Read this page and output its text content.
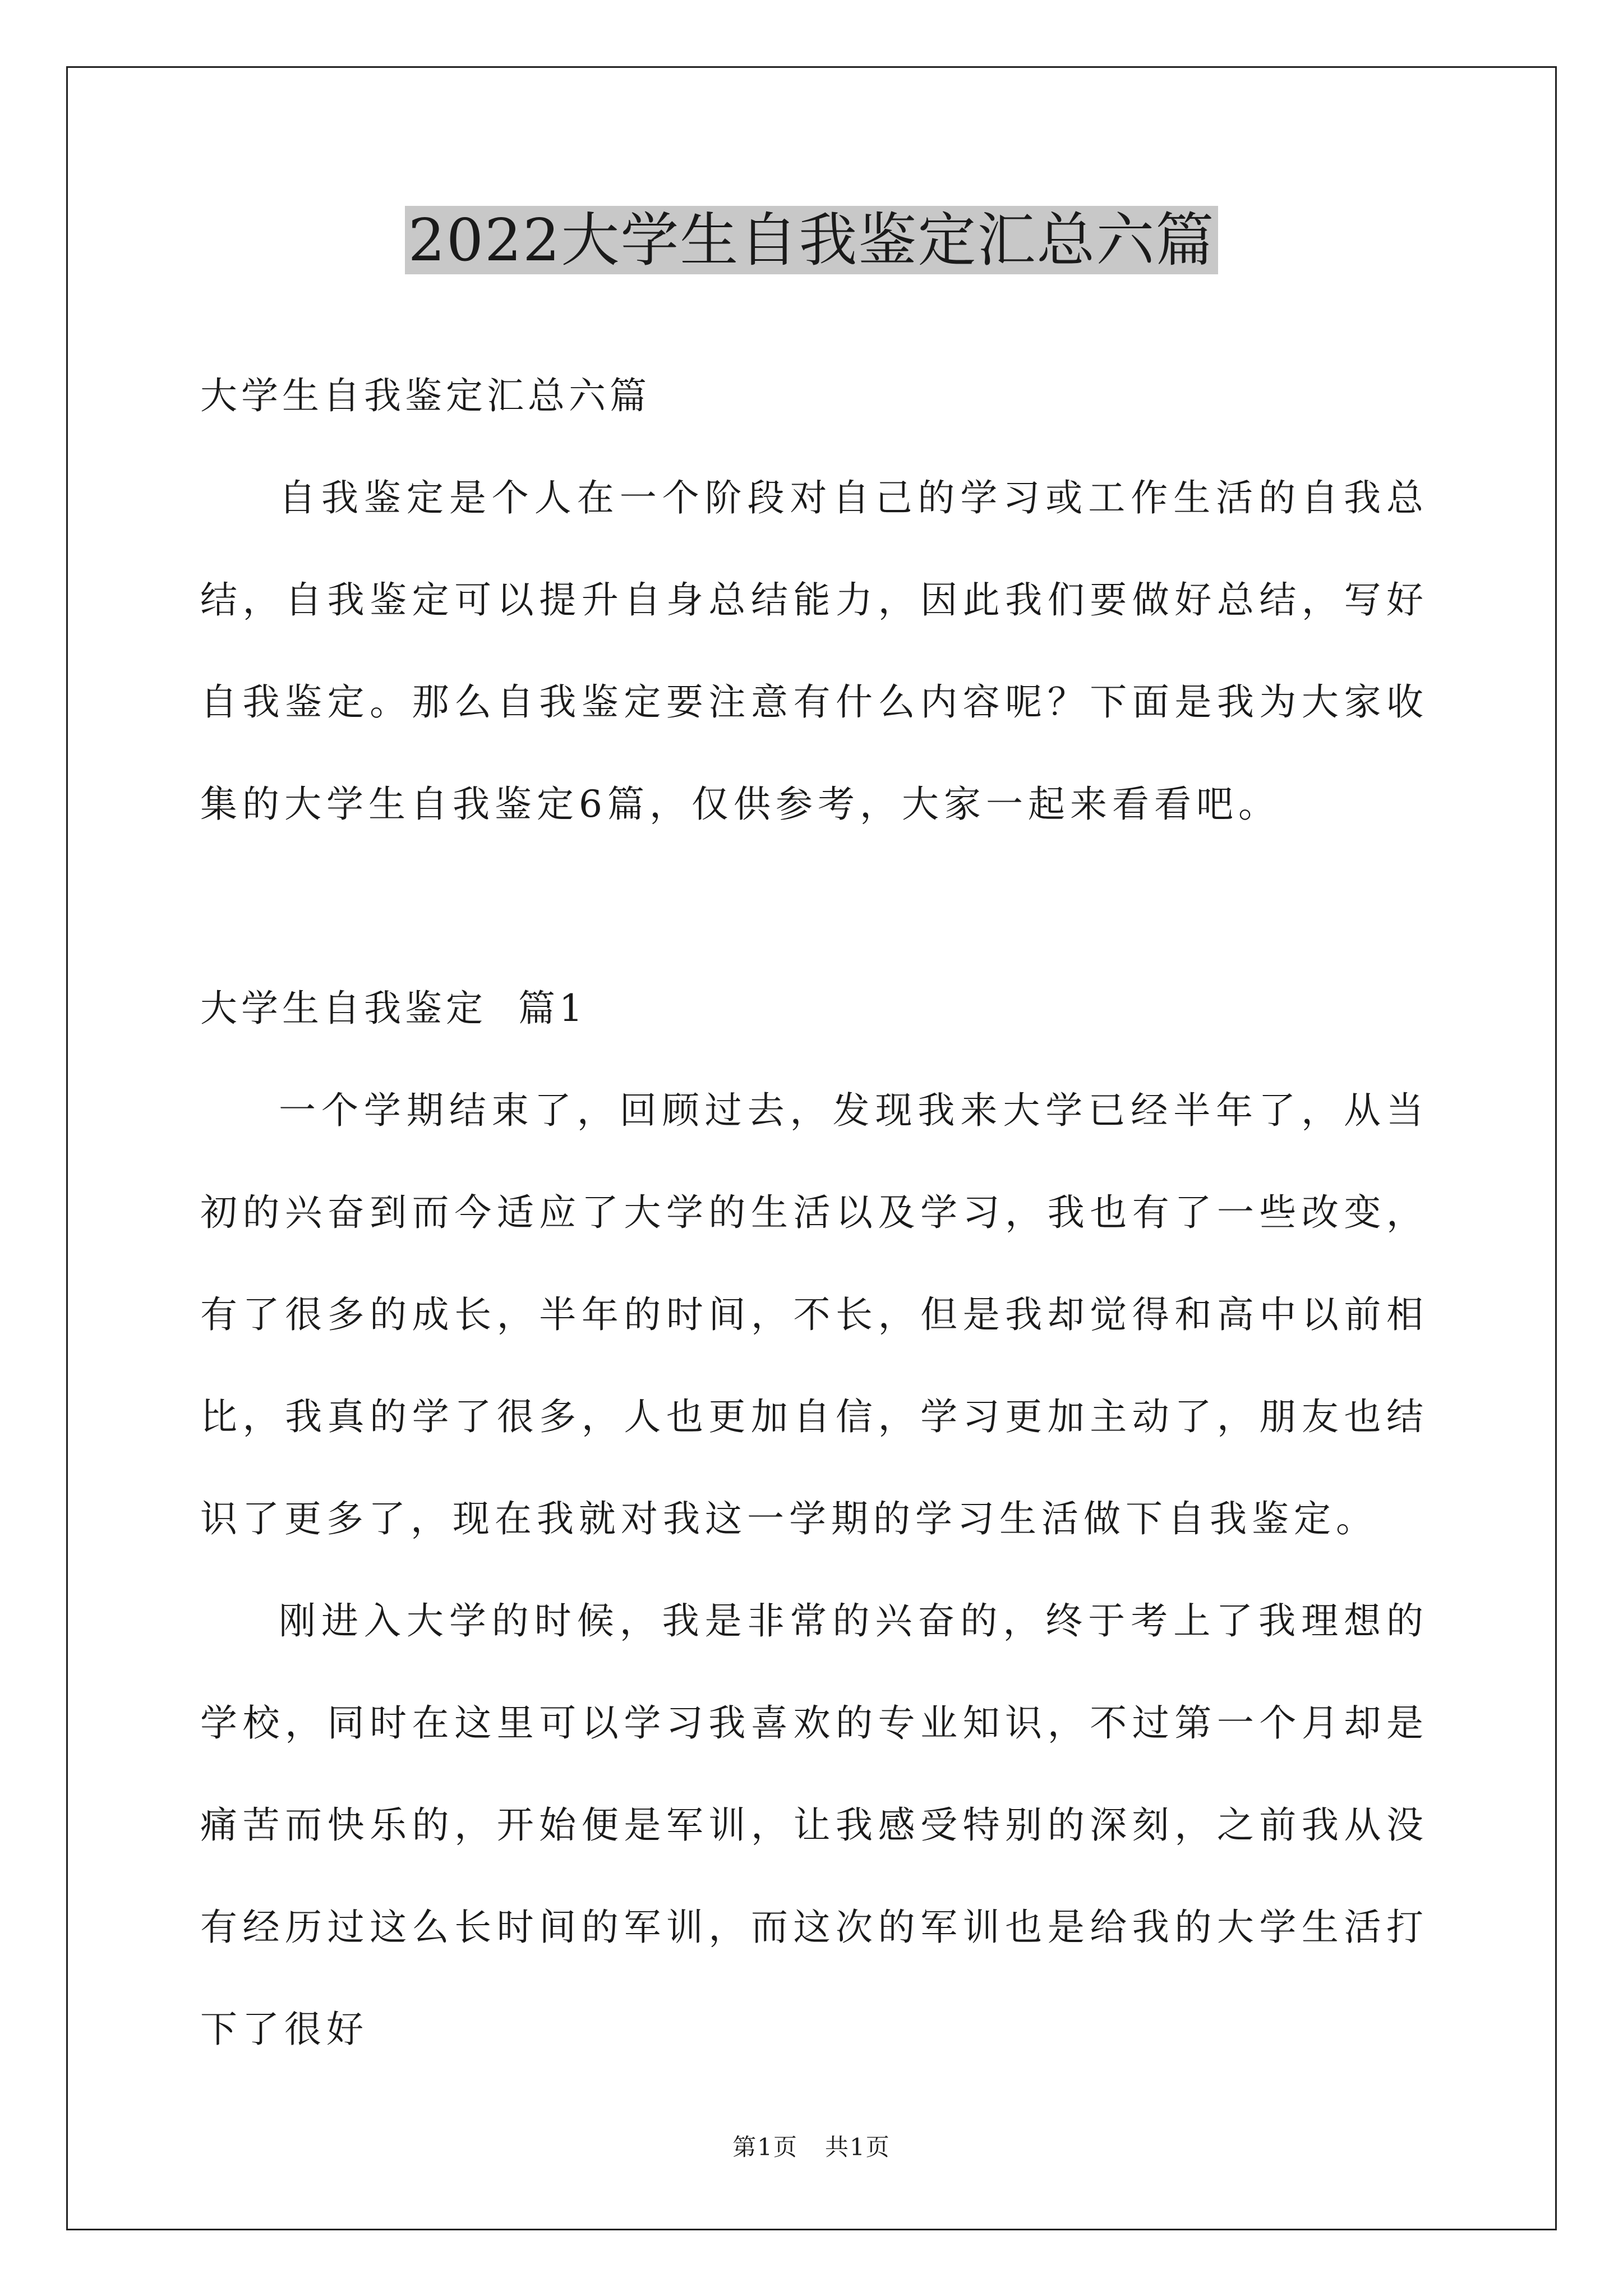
2022大学生自我鉴定汇总六篇

大学生自我鉴定汇总六篇

自我鉴定是个人在一个阶段对自己的学习或工作生活的自我总结，自我鉴定可以提升自身总结能力，因此我们要做好总结，写好自我鉴定。那么自我鉴定要注意有什么内容呢？下面是我为大家收集的大学生自我鉴定6篇，仅供参考，大家一起来看看吧。

大学生自我鉴定  篇1

一个学期结束了，回顾过去，发现我来大学已经半年了，从当初的兴奋到而今适应了大学的生活以及学习，我也有了一些改变，有了很多的成长，半年的时间，不长，但是我却觉得和高中以前相比，我真的学了很多，人也更加自信，学习更加主动了，朋友也结识了更多了，现在我就对我这一学期的学习生活做下自我鉴定。

刚进入大学的时候，我是非常的兴奋的，终于考上了我理想的学校，同时在这里可以学习我喜欢的专业知识，不过第一个月却是痛苦而快乐的，开始便是军训，让我感受特别的深刻，之前我从没有经历过这么长时间的军训，而这次的军训也是给我的大学生活打下了很好

第1页 共1页
